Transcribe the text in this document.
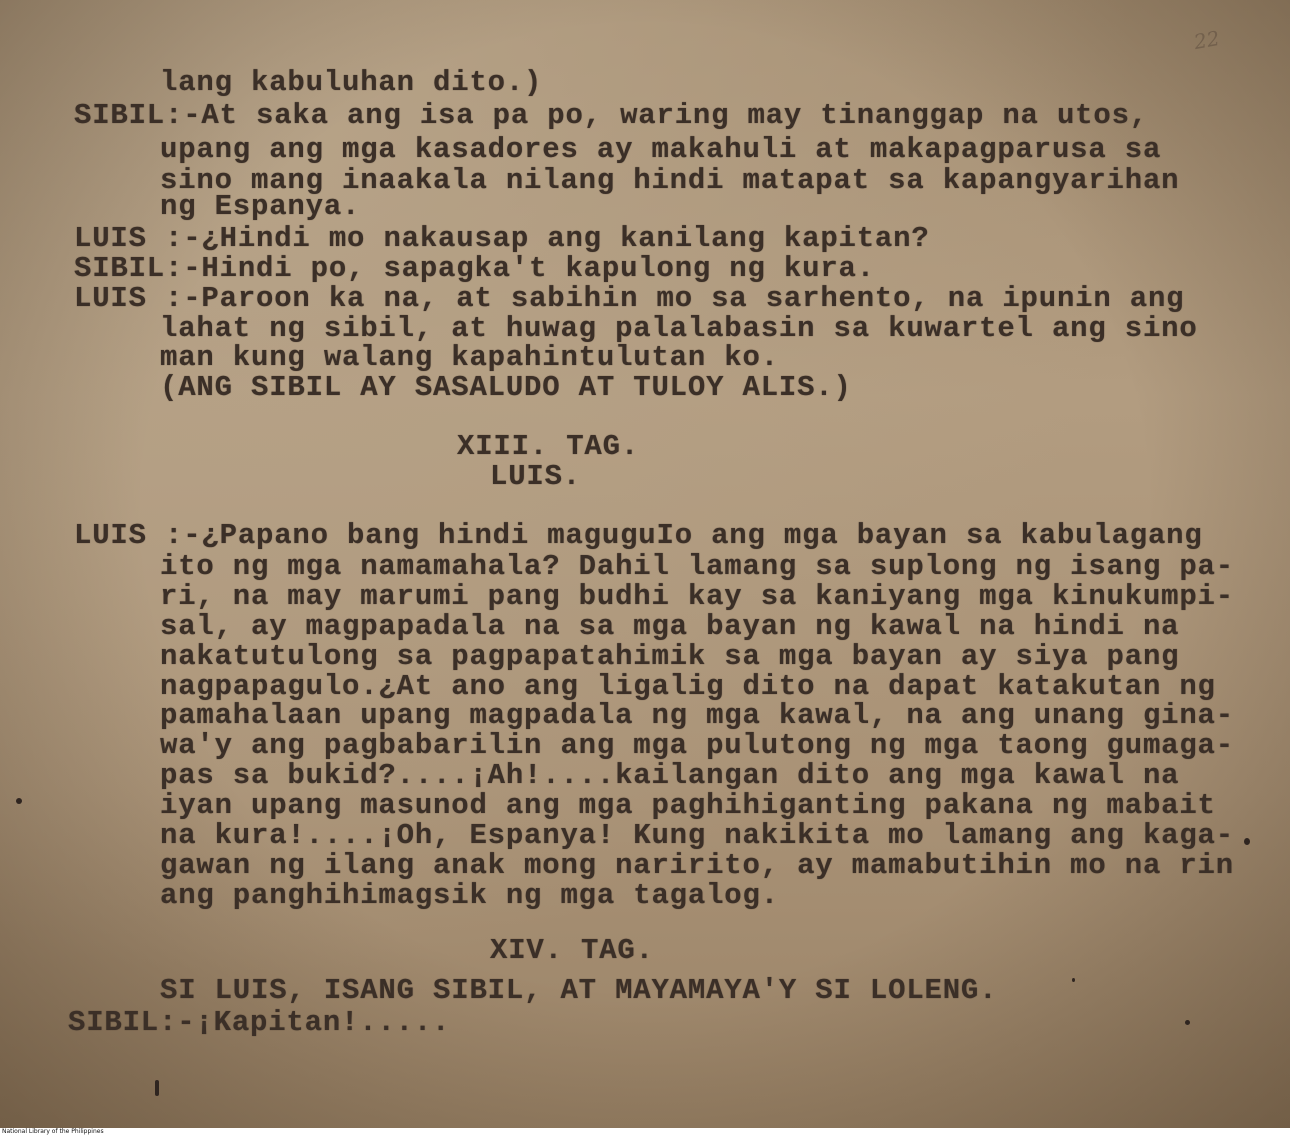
22
lang kabuluhan dito.)
SIBIL:-At saka ang isa pa po, waring may tinanggap na utos,
upang ang mga kasadores ay makahuli at makapagparusa sa
sino mang inaakala nilang hindi matapat sa kapangyarihan
ng Espanya.
LUIS :-¿Hindi mo nakausap ang kanilang kapitan?
SIBIL:-Hindi po, sapagka't kapulong ng kura.
LUIS :-Paroon ka na, at sabihin mo sa sarhento, na ipunin ang
lahat ng sibil, at huwag palalabasin sa kuwartel ang sino
man kung walang kapahintulutan ko.
(ANG SIBIL AY SASALUDO AT TULOY ALIS.)
XIII. TAG.
LUIS.
LUIS :-¿Papano bang hindi maguguIo ang mga bayan sa kabulagang
ito ng mga namamahala? Dahil lamang sa suplong ng isang pa-
ri, na may marumi pang budhi kay sa kaniyang mga kinukumpi-
sal, ay magpapadala na sa mga bayan ng kawal na hindi na
nakatutulong sa pagpapatahimik sa mga bayan ay siya pang
nagpapagulo.¿At ano ang ligalig dito na dapat katakutan ng
pamahalaan upang magpadala ng mga kawal, na ang unang gina-
wa'y ang pagbabarilin ang mga pulutong ng mga taong gumaga-
pas sa bukid?....¡Ah!....kailangan dito ang mga kawal na
iyan upang masunod ang mga paghihiganting pakana ng mabait
na kura!....¡Oh, Espanya! Kung nakikita mo lamang ang kaga-
gawan ng ilang anak mong naririto, ay mamabutihin mo na rin
ang panghihimagsik ng mga tagalog.
XIV. TAG.
SI LUIS, ISANG SIBIL, AT MAYAMAYA'Y SI LOLENG.
SIBIL:-¡Kapitan!.....
National Library of the Philippines
